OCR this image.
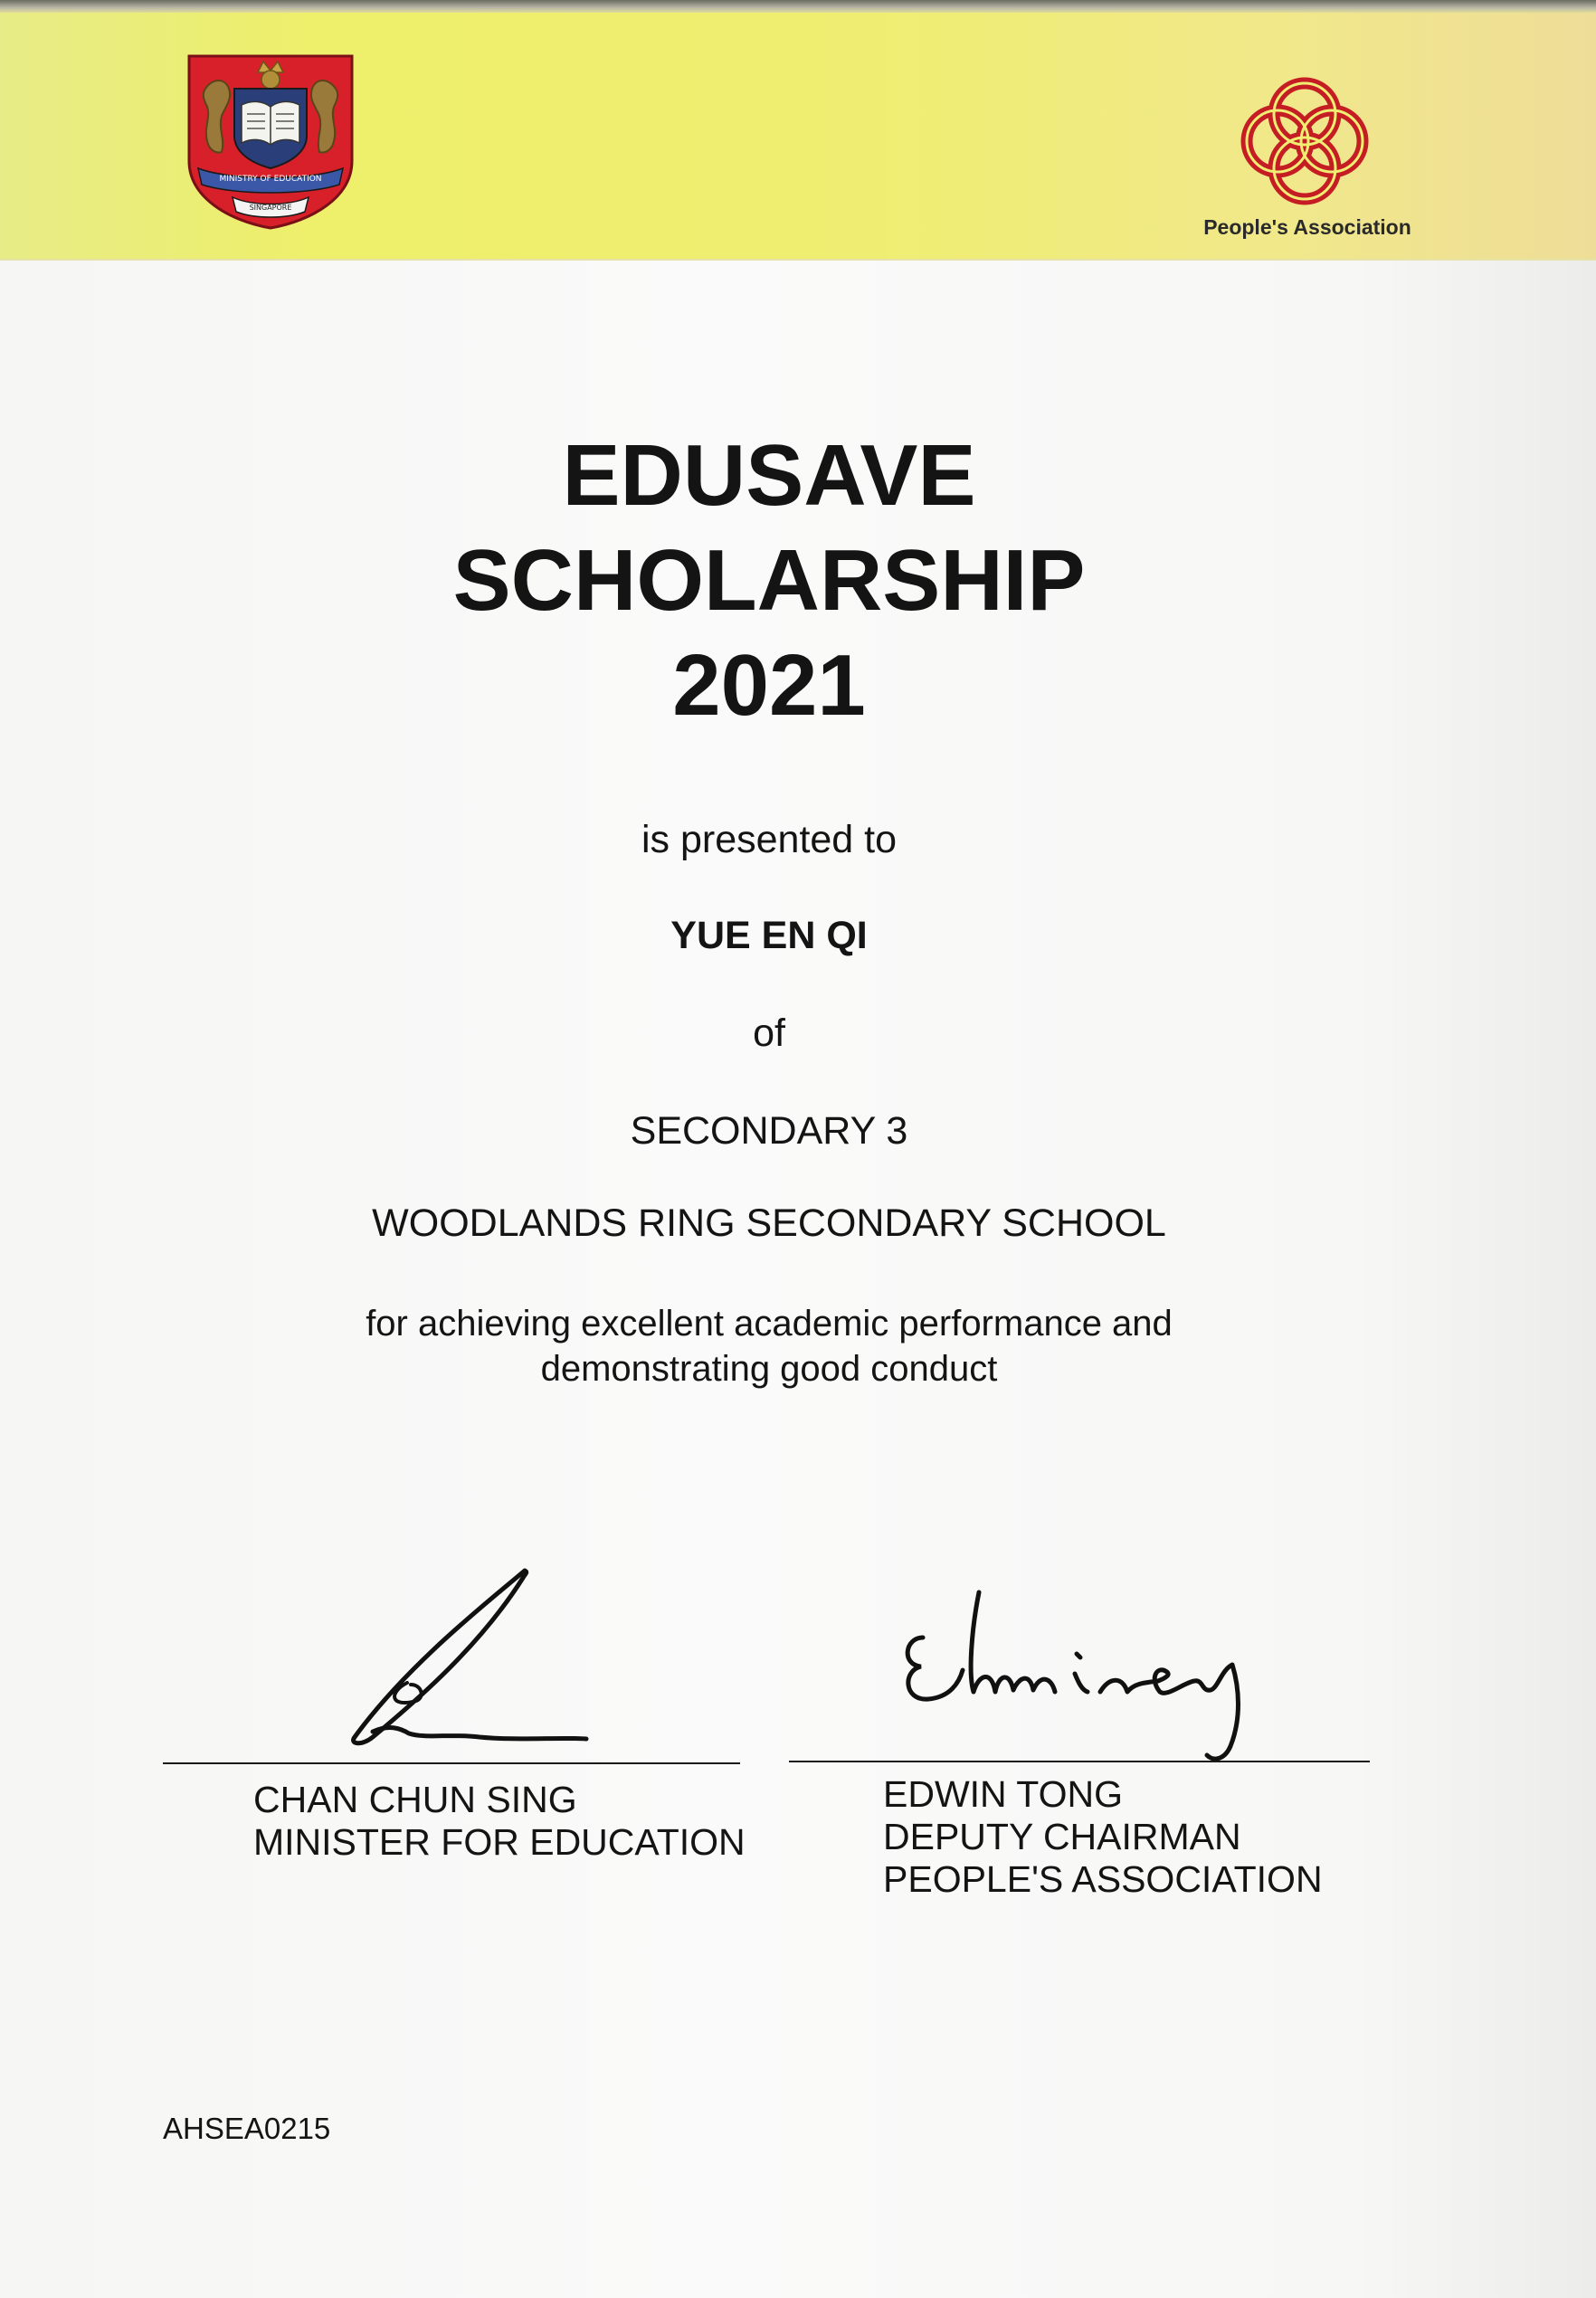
MINISTRY OF EDUCATION
SINGAPORE
People's Association
EDUSAVE
SCHOLARSHIP
2021
is presented to
YUE EN QI
of
SECONDARY 3
WOODLANDS RING SECONDARY SCHOOL
for achieving excellent academic performance and
demonstrating good conduct
CHAN CHUN SING
MINISTER FOR EDUCATION
EDWIN TONG
DEPUTY CHAIRMAN
PEOPLE'S ASSOCIATION
AHSEA0215
